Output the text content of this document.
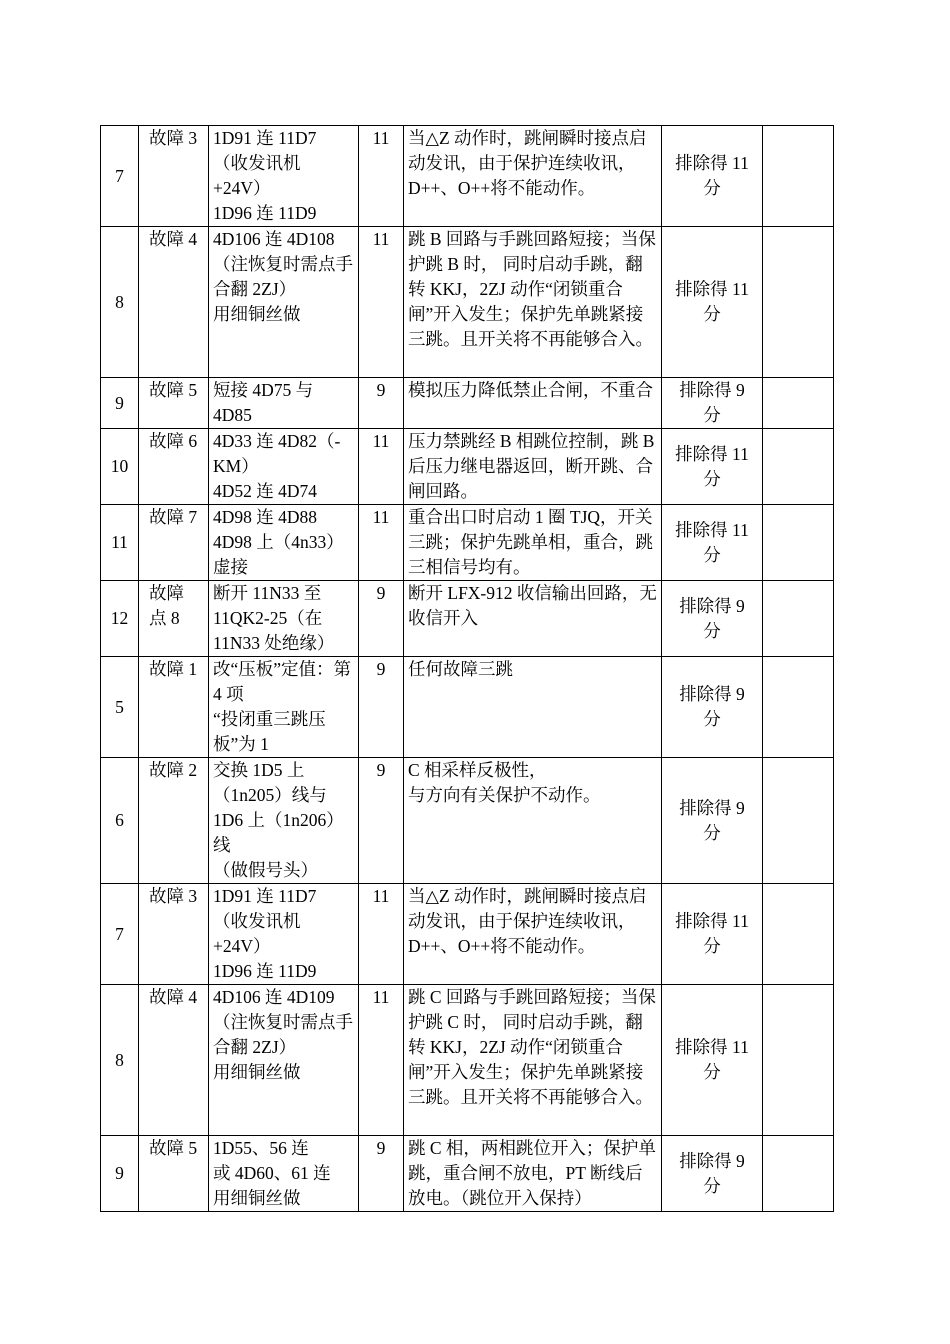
7	故障 3	1D91 连 11D7
（收发讯机
+24V）
1D96 连 11D9	11	当△Z 动作时，跳闸瞬时接点启动发讯，由于保护连续收讯，D++、O++将不能动作。	排除得 11
分	
8	故障 4	4D106 连 4D108
（注恢复时需点手合翻 2ZJ）
用细铜丝做	11	跳 B 回路与手跳回路短接；当保护跳 B 时， 同时启动手跳，翻转 KKJ，2ZJ 动作“闭锁重合闸”开入发生；保护先单跳紧接三跳。且开关将不再能够合入。	排除得 11
分	
9	故障 5	短接 4D75 与
4D85	9	模拟压力降低禁止合闸，不重合	排除得 9
分	
10	故障 6	4D33 连 4D82（-KM）
4D52 连 4D74	11	压力禁跳经 B 相跳位控制，跳 B 后压力继电器返回，断开跳、合闸回路。	排除得 11
分	
11	故障 7	4D98 连 4D88
4D98 上（4n33）
虚接	11	重合出口时启动 1 圈 TJQ，开关三跳；保护先跳单相，重合，跳三相信号均有。	排除得 11
分	
12	故障
点 8	断开 11N33 至
11QK2-25（在 11N33 处绝缘）	9	断开 LFX-912 收信输出回路，无收信开入	排除得 9
分	
5	故障 1	改“压板”定值：第 4 项
“投闭重三跳压板”为 1	9	任何故障三跳	排除得 9
分	
6	故障 2	交换 1D5 上
（1n205）线与 1D6 上（1n206）线
（做假号头）	9	C 相采样反极性，
与方向有关保护不动作。	排除得 9
分	
7	故障 3	1D91 连 11D7
（收发讯机
+24V）
1D96 连 11D9	11	当△Z 动作时，跳闸瞬时接点启动发讯，由于保护连续收讯，D++、O++将不能动作。	排除得 11
分	
8	故障 4	4D106 连 4D109
（注恢复时需点手合翻 2ZJ）
用细铜丝做	11	跳 C 回路与手跳回路短接；当保护跳 C 时， 同时启动手跳，翻转 KKJ，2ZJ 动作“闭锁重合闸”开入发生；保护先单跳紧接三跳。且开关将不再能够合入。	排除得 11
分	
9	故障 5	1D55、56 连
或 4D60、61 连
用细铜丝做	9	跳 C 相，两相跳位开入；保护单跳，重合闸不放电，PT 断线后放电。（跳位开入保持）	排除得 9
分	
